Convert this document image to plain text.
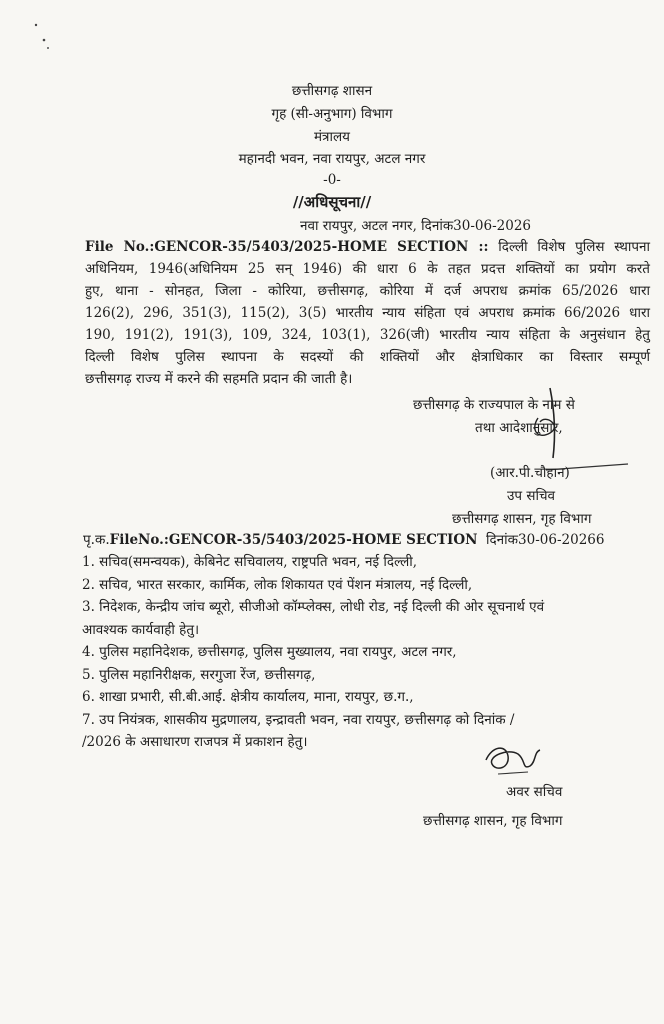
छत्तीसगढ़ शासन
गृह (सी-अनुभाग) विभाग
मंत्रालय
महानदी भवन, नवा रायपुर, अटल नगर
-0-
//अधिसूचना//
नवा रायपुर, अटल नगर, दिनांक30-06-2026
File No.:GENCOR-35/5403/2025-HOME SECTION :: दिल्ली विशेष पुलिस स्थापना
अधिनियम, 1946(अधिनियम 25 सन् 1946) की धारा 6 के तहत प्रदत्त शक्तियों का प्रयोग करते
हुए, थाना - सोनहत, जिला - कोरिया, छत्तीसगढ़, कोरिया में दर्ज अपराध क्रमांक 65/2026 धारा
126(2), 296, 351(3), 115(2), 3(5) भारतीय न्याय संहिता एवं अपराध क्रमांक 66/2026 धारा
190, 191(2), 191(3), 109, 324, 103(1), 326(जी) भारतीय न्याय संहिता के अनुसंधान हेतु
दिल्ली विशेष पुलिस स्थापना के सदस्यों की शक्तियों और क्षेत्राधिकार का विस्तार सम्पूर्ण
छत्तीसगढ़ राज्य में करने की सहमति प्रदान की जाती है।
छत्तीसगढ़ के राज्यपाल के नाम से
तथा आदेशानुसार,
(आर.पी.चौहान)
उप सचिव
छत्तीसगढ़ शासन, गृह विभाग
पृ.क.FileNo.:GENCOR-35/5403/2025-HOME SECTION दिनांक30-06-20266
1. सचिव(समन्वयक), केबिनेट सचिवालय, राष्ट्रपति भवन, नई दिल्ली,
2. सचिव, भारत सरकार, कार्मिक, लोक शिकायत एवं पेंशन मंत्रालय, नई दिल्ली,
3. निदेशक, केन्द्रीय जांच ब्यूरो, सीजीओ कॉम्प्लेक्स, लोधी रोड, नई दिल्ली की ओर सूचनार्थ एवं
आवश्यक कार्यवाही हेतु।
4. पुलिस महानिदेशक, छत्तीसगढ़, पुलिस मुख्यालय, नवा रायपुर, अटल नगर,
5. पुलिस महानिरीक्षक, सरगुजा रेंज, छत्तीसगढ़,
6. शाखा प्रभारी, सी.बी.आई. क्षेत्रीय कार्यालय, माना, रायपुर, छ.ग.,
7. उप नियंत्रक, शासकीय मुद्रणालय, इन्द्रावती भवन, नवा रायपुर, छत्तीसगढ़ को दिनांक /
/2026 के असाधारण राजपत्र में प्रकाशन हेतु।
अवर सचिव
छत्तीसगढ़ शासन, गृह विभाग
